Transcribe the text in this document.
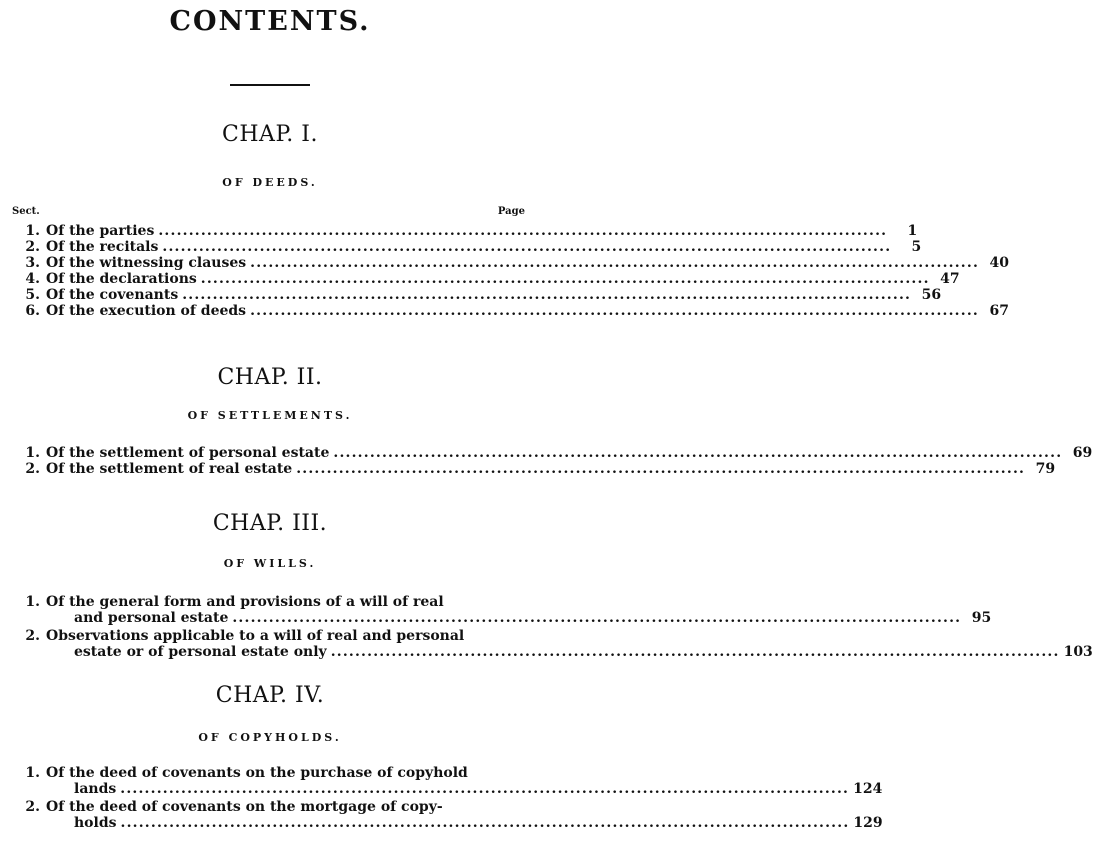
CONTENTS.
CHAP. I.
OF DEEDS.
Sect.	Page
1. Of the parties ........................................................................................................................	1
2. Of the recitals ........................................................................................................................	5
3. Of the witnessing clauses ........................................................................................................................ 40
4. Of the declarations ........................................................................................................................ 47
5. Of the covenants ........................................................................................................................ 56
6. Of the execution of deeds ........................................................................................................................ 67
CHAP. II.
OF SETTLEMENTS.
1. Of the settlement of personal estate ........................................................................................................................ 69
2. Of the settlement of real estate ........................................................................................................................ 79
CHAP. III.
OF WILLS.
1. Of the general form and provisions of a will of real
and personal estate ........................................................................................................................ 95
2. Observations applicable to a will of real and personal
estate or of personal estate only ........................................................................................................................ 103
CHAP. IV.
OF COPYHOLDS.
1. Of the deed of covenants on the purchase of copyhold
lands ........................................................................................................................ 124
2. Of the deed of covenants on the mortgage of copy-
holds ........................................................................................................................ 129
